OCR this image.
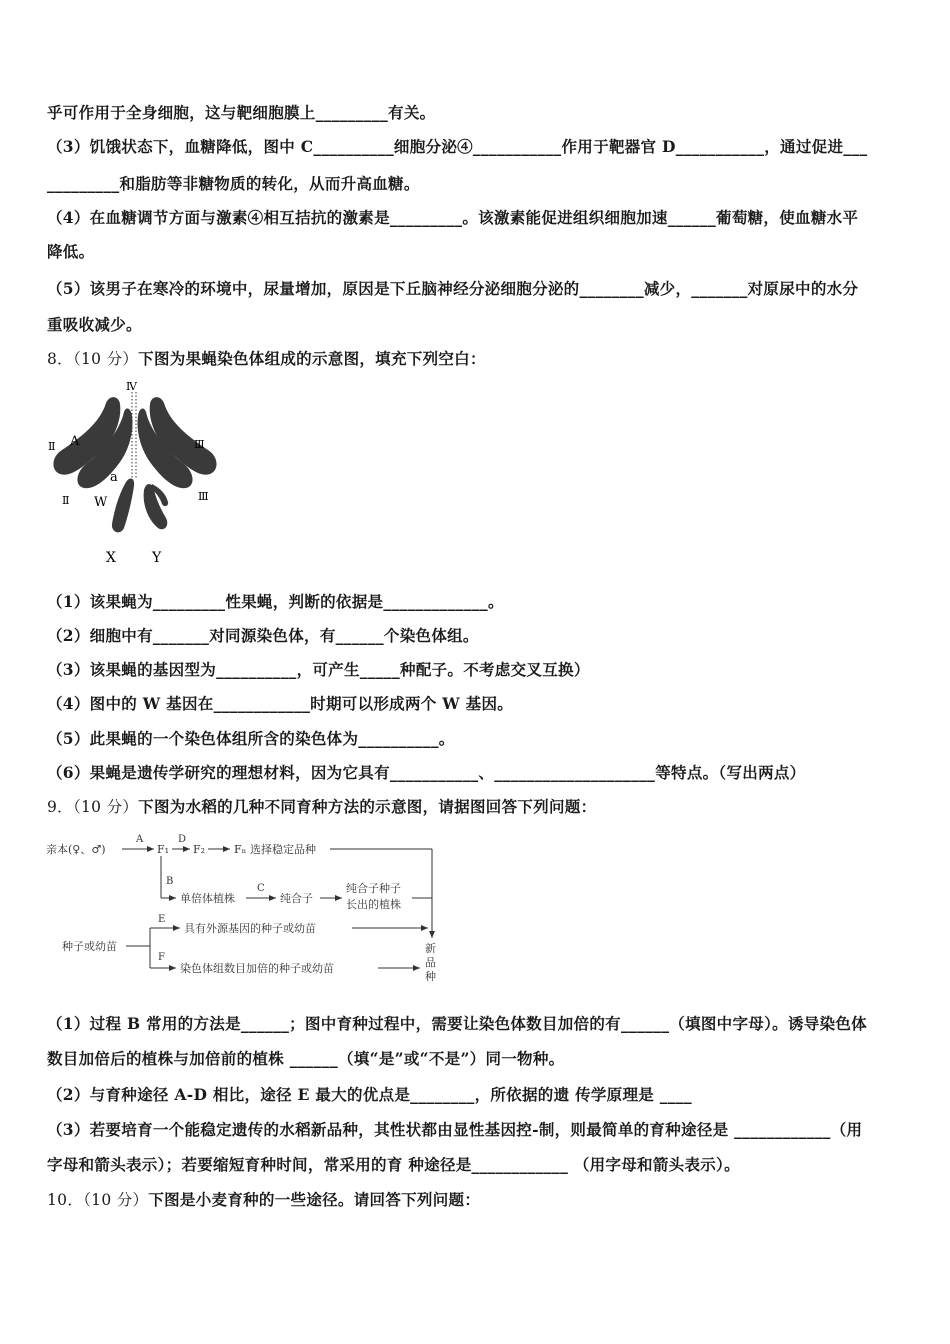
乎可作用于全身细胞，这与靶细胞膜上_________有关。
（3）饥饿状态下，血糖降低，图中 C__________细胞分泌④___________作用于靶器官 D___________，通过促进___
_________和脂肪等非糖物质的转化，从而升高血糖。
（4）在血糖调节方面与激素④相互拮抗的激素是_________。该激素能促进组织细胞加速______葡萄糖，使血糖水平
降低。
（5）该男子在寒冷的环境中，尿量增加，原因是下丘脑神经分泌细胞分泌的________减少，_______对原尿中的水分
重吸收减少。
8．（10 分）下图为果蝇染色体组成的示意图，填充下列空白：
Ⅳ
A
Ⅱ	Ⅲ
a
Ⅱ W	Ⅲ
X	Y
（1）该果蝇为_________性果蝇，判断的依据是_____________。
（2）细胞中有_______对同源染色体，有______个染色体组。
（3）该果蝇的基因型为__________，可产生_____种配子。不考虑交叉互换）
（4）图中的 W 基因在____________时期可以形成两个 W 基因。
（5）此果蝇的一个染色体组所含的染色体为__________。
（6）果蝇是遗传学研究的理想材料，因为它具有___________、____________________等特点。（写出两点）
9．（10 分）下图为水稻的几种不同育种方法的示意图，请据图回答下列问题：
亲本(♀、♂)
A
F₁
D
F₂	Fₙ 选择稳定品种
B
单倍体植株
C
纯合子
纯合子种子
长出的植株
种子或幼苗
E
具有外源基因的种子或幼苗
F
染色体组数目加倍的种子或幼苗
新
品
种
（1）过程 B 常用的方法是______；图中育种过程中，需要让染色体数目加倍的有______（填图中字母）。诱导染色体
数目加倍后的植株与加倍前的植株 ______（填“是”或“不是”）同一物种。
（2）与育种途径 A-D 相比，途径 E 最大的优点是________，所依据的遗 传学原理是 ____
（3）若要培育一个能稳定遗传的水稻新品种，其性状都由显性基因控-制，则最简单的育种途径是 ____________（用
字母和箭头表示）；若要缩短育种时间，常采用的育 种途径是____________ （用字母和箭头表示）。
10．（10 分）下图是小麦育种的一些途径。请回答下列问题：
